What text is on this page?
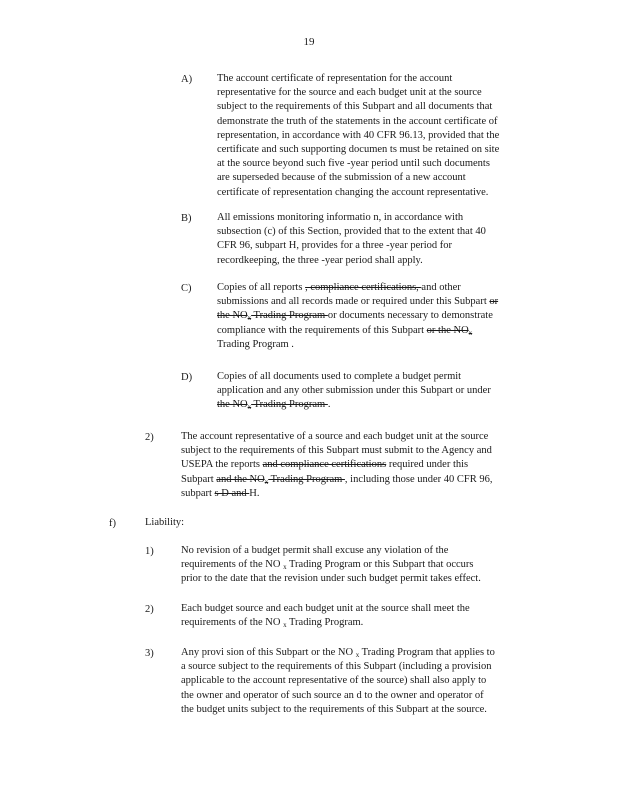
19
A) The account certificate of representation for the account
representative for the source and each budget unit at the source
subject to the requirements of this Subpart and all documents that
demonstrate the truth of the statements in the account certificate of
representation, in accordance with 40 CFR 96.13, provided that the
certificate and such supporting documen ts must be retained on site
at the source beyond such five -year period until such documents
are superseded because of the submission of a new account
certificate of representation changing the account representative.
B) All emissions monitoring informatio n, in accordance with
subsection (c) of this Section, provided that to the extent that 40
CFR 96, subpart H, provides for a three -year period for
recordkeeping, the three -year period shall apply.
C) Copies of all reports , compliance certifications, and other
submissions and all records made or required under this Subpart or
the $NO_x$ Trading Program or documents necessary to demonstrate
compliance with the requirements of this Subpart or the $NO_x$
Trading Program .
D) Copies of all documents used to complete a budget permit
application and any other submission under this Subpart or under
the $NO_x$ Trading Program .
2)	The account representative of a source and each budget unit at the source
subject to the requirements of this Subpart must submit to the Agency and
USEPA the reports and compliance certifications required under this
Subpart and the $NO_x$ Trading Program , including those under 40 CFR 96,
subpart s D and H.
f)	Liability:
1)	No revision of a budget permit shall excuse any violation of the
requirements of the NO $_x$ Trading Program or this Subpart that occurs
prior to the date that the revision under such budget permit takes effect.
2)	Each budget source and each budget unit at the source shall meet the
requirements of the NO $_x$ Trading Program.
3)	Any provi sion of this Subpart or the NO $_x$ Trading Program that applies to
a source subject to the requirements of this Subpart (including a provision
applicable to the account representative of the source) shall also apply to
the owner and operator of such source an d to the owner and operator of
the budget units subject to the requirements of this Subpart at the source.
